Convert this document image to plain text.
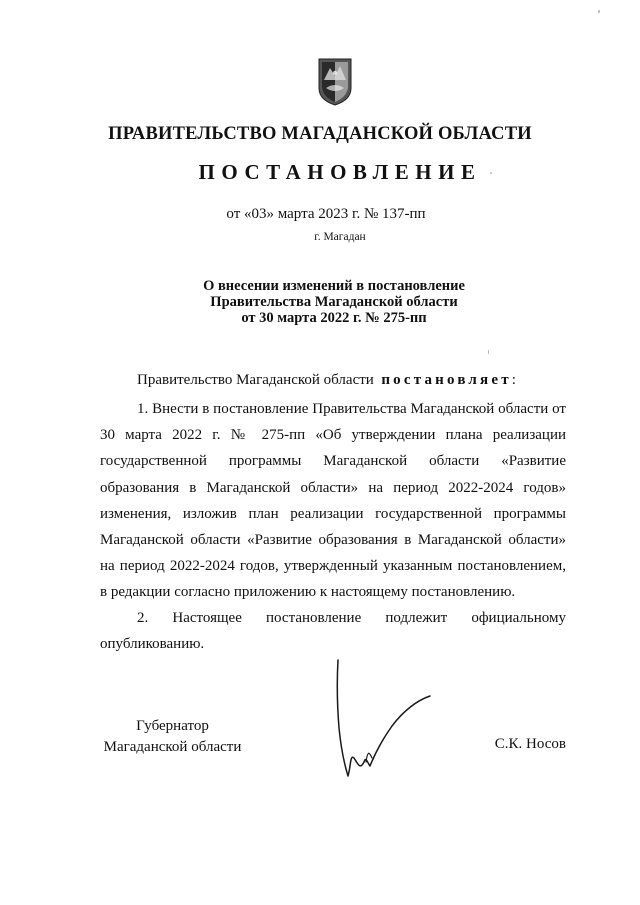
ПРАВИТЕЛЬСТВО МАГАДАНСКОЙ ОБЛАСТИ
ПОСТАНОВЛЕНИЕ
от «03» марта 2023 г. № 137-пп
г. Магадан
О внесении изменений в постановление
Правительства Магаданской области
от 30 марта 2022 г. № 275-пп
Правительство Магаданской области постановляет:
1. Внести в постановление Правительства Магаданской области от 30 марта 2022 г. № 275-пп «Об утверждении плана реализации государственной программы Магаданской области «Развитие образования в Магаданской области» на период 2022-2024 годов» изменения, изложив план реализации государственной программы Магаданской области «Развитие образования в Магаданской области» на период 2022-2024 годов, утвержденный указанным постановлением, в редакции согласно приложению к настоящему постановлению.
2. Настоящее постановление подлежит официальному опубликованию.
Губернатор
Магаданской области	С.К. Носов
